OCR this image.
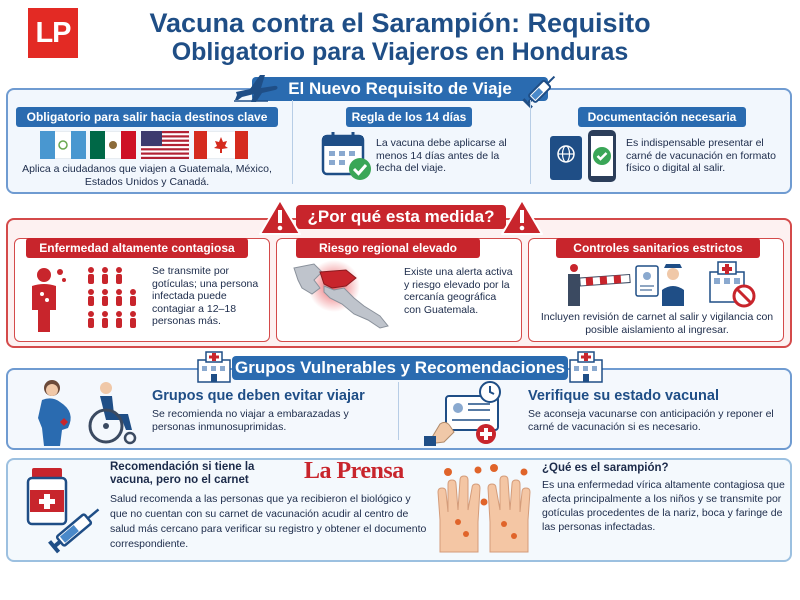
LP	Vacuna contra el Sarampión: Requisito
Obligatorio para Viajeros en Honduras
El Nuevo Requisito de Viaje
Obligatorio para salir hacia destinos clave
Aplica a ciudadanos que viajen a Guatemala, México, Estados Unidos y Canadá.
Regla de los 14 días
La vacuna debe aplicarse al menos 14 días antes de la fecha del viaje.
Documentación necesaria
Es indispensable presentar el carné de vacunación en formato físico o digital al salir.
¿Por qué esta medida?
Enfermedad altamente contagiosa
Se transmite por gotículas; una persona infectada puede contagiar a 12–18 personas más.
Riesgo regional elevado
Existe una alerta activa y riesgo elevado por la cercanía geográfica con Guatemala.
Controles sanitarios estrictos
Incluyen revisión de carnet al salir y vigilancia con posible aislamiento al ingresar.
Grupos Vulnerables y Recomendaciones
Grupos que deben evitar viajar
Se recomienda no viajar a embarazadas y personas inmunosuprimidas.
Verifique su estado vacunal
Se aconseja vacunarse con anticipación y reponer el carné de vacunación si es necesario.
Recomendación si tiene la vacuna, pero no el carnet	La Prensa
Salud recomenda a las personas que ya recibieron el biológico y que no cuentan con su carnet de vacunación acudir al centro de salud más cercano para verificar su registro y obtener el documento correspondiente.
¿Qué es el sarampión?
Es una enfermedad vírica altamente contagiosa que afecta principalmente a los niños y se transmite por gotículas procedentes de la nariz, boca y faringe de las personas infectadas.
